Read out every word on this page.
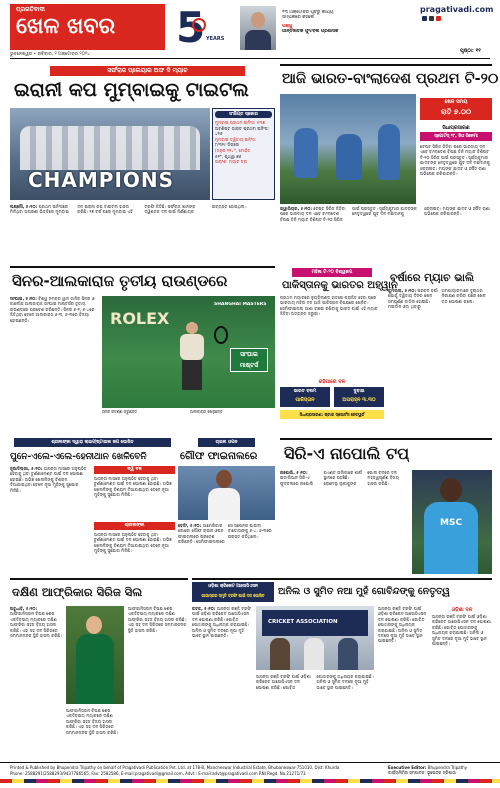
ପ୍ରଗତିବାଦୀ
ଖେଳ ଖବର
ଭୁବନେଶ୍ୱର • ରବିବାର, ୨ ଅକ୍ଟୋବର ୨୦୨୪
5 YEARS
୧୩ ଅକ୍ଟୋବର ପୂର୍ବରୁ କାର୍ଯ୍ୟ
ସମ୍ପର୍କରେ କହିଲେ
ପଞ୍ଜୁ
ଆନ୍ତର୍ଜାତିକ ଫୁଟବଲ ପ୍ରଶାସକ
pragativadi.com
ପୃଷ୍ଠା: ୧୧
ସର୍ଫରାଜ ପ୍ଲେୟାର ଅଫ ଦି ମ୍ୟାଚ
ଇରାନୀ କପ ମୁମ୍ବାଇକୁ ଟାଇଟଲ
CHAMPIONS
ସଂକ୍ଷିପ୍ତ ସ୍କୋର
ମୁମ୍ବାଇ ପ୍ରଥମ ଇନିଂସ: ୫୩୭
ଅବଶିଷ୍ଟ ଭାରତ ପ୍ରଥମ ଇନିଂସ: ୪୧୬
ମୁମ୍ବାଇ ଦ୍ୱିତୀୟ ଇନିଂସ:
୮/୩୨୯ ଡିକ୍ଲେ
(ତନୁଷ ୧୧୪*, ମୋହିତ
୫୧*, ପୃଥ୍ୱୀ ୭୬
ସାରାଂଶ: ମ୍ୟାଚ ଡ୍ର
ଲକ୍ଷ୍ନୌ, ୫।୧୦: ପ୍ରଥମ ଇନିଂସରେ ମିଳିଥିବା ଅଗ୍ରଣୀ ଭିତ୍ତିରେ ମୁମ୍ବାଇ ଦଳ ଇରାନୀ କପ ଟାଇଟଲ ହାସଲ କରିଛି। ୨୭ ବର୍ଷ ପରେ ମୁମ୍ବାଇ ଏହି ଟ୍ରଫି ଜିତିଛି। ସର୍ଫରାଜ ଖାନଙ୍କ ଦ୍ୱିଶତକ ଦଳ ପାଇଁ ନିର୍ଣ୍ଣାୟକ ସାବ୍ୟସ୍ତ ହୋଇଥିଲା।
ଆଜି ଭାରତ-ବାଂଲାଦେଶ ପ୍ରଥମ ଟି-୨୦
ଖେଳ ସମୟ
ରାତି ୭.୦୦
ସିଧାପ୍ରସାରଣ
ସ୍ପୋର୍ଟସ୍ ୧୮, ଜିଓ ସିନେମା
ଟେଷ୍ଟ ସିରିଜ ଜିତିବା ପରେ ଭାରତୀୟ ଦଳ ଏବେ ବାଂଲାଦେଶ ବିପକ୍ଷ ତିନି ମ୍ୟାଚ ବିଶିଷ୍ଟ ଟି-୨୦ ସିରିଜ ପାଇଁ ପ୍ରସ୍ତୁତ। ସୂର୍ଯ୍ୟକୁମାର ଯାଦବଙ୍କ ନେତୃତ୍ୱରେ ଯୁବ ଦଳ ମଇଦାନକୁ ଓହ୍ଲାଇବ। ମୟଙ୍କ ଯାଦବ ଓ ହର୍ଷିତ ରାଣା ଅଭିଷେକ କରିପାରନ୍ତି।
ଗ୍ୱାଲିୟର, ୫।୧୦: ଟେଷ୍ଟ ସିରିଜ ଜିତିବା ପରେ ଭାରତୀୟ ଦଳ ଏବେ ବାଂଲାଦେଶ ବିପକ୍ଷ ତିନି ମ୍ୟାଚ ବିଶିଷ୍ଟ ଟି-୨୦ ସିରିଜ ପାଇଁ ପ୍ରସ୍ତୁତ। ସୂର୍ଯ୍ୟକୁମାର ଯାଦବଙ୍କ ନେତୃତ୍ୱରେ ଯୁବ ଦଳ ମଇଦାନକୁ ଓହ୍ଲାଇବ। ମୟଙ୍କ ଯାଦବ ଓ ହର୍ଷିତ ରାଣା ଅଭିଷେକ କରିପାରନ୍ତି।
ସିନର-ଆଲକାରାଜ ତୃତୀୟ ରାଉଣ୍ଡରେ
ସାଂଘାଇ, ୫।୧୦: ବିଶ୍ୱ ନମ୍ବର ୱାନ ଜାନିକ ସିନର ଓ କାର୍ଲୋସ ଆଲକାରାଜ ସାଂଘାଇ ମାଷ୍ଟର୍ସର ତୃତୀୟ ରାଉଣ୍ଡରେ ପ୍ରବେଶ କରିଛନ୍ତି। ସିନର ୬-୧, ୬-୪ରେ ଜିତିଥିବା ବେଳେ ଆଲକାରାଜ ୬-୩, ୬-୩ରେ ବିଜୟୀ ହୋଇଛନ୍ତି।	ROLEX
SHANGHAI MASTERS
ସାଂଘାଇ
ମାଷ୍ଟର୍ସ
ସିନର ରିଟର୍ଣ୍ଣ କରୁଛନ୍ତି	ଆଲକାରାଜ ଖେଳୁଛନ୍ତି
ମହିଳା ଟି-୨୦ ବିଶ୍ୱକପ
ପାକିସ୍ତାନକୁ ଭାରତର ଅହ୍ୱାନ
ପ୍ରଥମ ମ୍ୟାଚରେ ନ୍ୟୁଜିଲାଣ୍ଡ ହାତରେ ପରାଜିତ ହେବା ପରେ ଭାରତୀୟ ମହିଳା ଦଳ ଆଜି ପାକିସ୍ତାନ ବିପକ୍ଷରେ ଖେଳିବ। ସେମିଫାଇନାଲ ଆଶା ବଞ୍ଚାଇ ରଖିବାକୁ ଭାରତ ପାଇଁ ଏହି ମ୍ୟାଚ ଜିତିବା ଅତ୍ୟନ୍ତ ଜରୁରୀ।
ରହିପାରେ ଦଳ
ଭାରତ ବନାମ
ପାକିସ୍ତାନ
ଦୁବାଇ
ଅପରାହ୍ନ ୩.୩୦
ସିଧାପ୍ରସାରଣ: ଷ୍ଟାର ସ୍ପୋର୍ଟସ ନେଟୱର୍କ
ବର୍ଷାରେ ମ୍ୟାଚ ଭାଲି
କୁମିଲ୍ଲା, ୫।୧୦: ପ୍ରବଳ ବର୍ଷା ଯୋଗୁଁ ଦ୍ୱିତୀୟ ଦିନର ଖେଳ ସମ୍ପୂର୍ଣ୍ଣ ବାତିଲ ହୋଇଛି। ମଇଦାନ ଓଦା ଥିବାରୁ ଅମ୍ପାୟାରମାନେ ଦୁଇଥର ନିରୀକ୍ଷଣ କରିବା ପରେ ଖେଳ ବନ୍ଦ ଘୋଷଣା କଲେ।
ଶ୍ରୀଲଙ୍କା ଦ୍ୱାରା ଲାଇଫ୍ଷ୍ଟାଇଲ କପ ଘୋଷିତ
ପୁନେ-ଏଲେ-ଏଲେ-ହେନୀଥାନ ଖେଳିବେନି
ନୂଆଦିଲ୍ଲୀ, ୫।୧୦: ଆସନ୍ତା ମାସରେ ଅନୁଷ୍ଠିତ ହେବାକୁ ଥିବା ଟୁର୍ଣ୍ଣାମେଣ୍ଟ ପାଇଁ ଦଳ ଘୋଷଣା ହୋଇଛି। ଅଭିଜ୍ଞ ଖେଳାଳିଙ୍କୁ ବିଶ୍ରାମ ଦିଆଯାଇଥିବା ବେଳେ ନୂଆ ମୁହଁଙ୍କୁ ସୁଯୋଗ ମିଳିଛି।
ଦ୍ୱି ଦଳ
ଆସନ୍ତା ମାସରେ ଅନୁଷ୍ଠିତ ହେବାକୁ ଥିବା ଟୁର୍ଣ୍ଣାମେଣ୍ଟ ପାଇଁ ଦଳ ଘୋଷଣା ହୋଇଛି। ଅଭିଜ୍ଞ ଖେଳାଳିଙ୍କୁ ବିଶ୍ରାମ ଦିଆଯାଇଥିବା ବେଳେ ନୂଆ ମୁହଁଙ୍କୁ ସୁଯୋଗ ମିଳିଛି।
ଶ୍ରୀଲଙ୍କା
ଆସନ୍ତା ମାସରେ ଅନୁଷ୍ଠିତ ହେବାକୁ ଥିବା ଟୁର୍ଣ୍ଣାମେଣ୍ଟ ପାଇଁ ଦଳ ଘୋଷଣା ହୋଇଛି। ଅଭିଜ୍ଞ ଖେଳାଳିଙ୍କୁ ବିଶ୍ରାମ ଦିଆଯାଇଥିବା ବେଳେ ନୂଆ ମୁହଁଙ୍କୁ ସୁଯୋଗ ମିଳିଛି।
ଚାଇନା ଓପନ
ଗୌଫ ଫାଇନାଲରେ
ବେଜିଂ, ୫।୧୦: ଆମେରିକାର କୋକୋ ଗୌଫ ଚାଇନା ଓପନ ଫାଇନାଲରେ ପ୍ରବେଶ କରିଛନ୍ତି। ସେମିଫାଇନାଲରେ ସେ ସ୍ପେନର ପାଉଲା ବାଡୋସାଙ୍କୁ ୬-୪, ୬-୩ରେ ପରାସ୍ତ କରିଥିଲେ।
ସିରି-ଏ ନାପୋଲି ଟପ୍
ନାପୋଲି, ୫।୧୦: ଇଟାଲିଆନ ସିରି-ଏ ଫୁଟବଲରେ ନାପୋଲି ପଏଣ୍ଟ ତାଲିକାରେ ଶୀର୍ଷ ସ୍ଥାନରେ ପହଞ୍ଚିଛି। ରୋମେଲୁ ଲୁକାକୁଙ୍କ ଗୋଲ ବଳରେ ଦଳ ମହତ୍ୱପୂର୍ଣ୍ଣ ବିଜୟ ହାସଲ କରିଛି।
MSC
ଦକ୍ଷିଣ ଆଫ୍ରିକାର ସିରିଜ ସିଲ
ଅବୁଧାବି, ୫।୧୦: ଆଫଗାନିସ୍ତାନ ବିପକ୍ଷ ଶେଷ ଏକଦିବସୀୟ ମ୍ୟାଚରେ ଦକ୍ଷିଣ ଆଫ୍ରିକା ସହଜ ବିଜୟ ହାସଲ କରିଛି। ଏହା ସହ ଦଳ ସିରିଜରେ ସମ୍ମାନଜନକ ସ୍ଥିତି ହାସଲ କରିଛି।
ଆଫଗାନିସ୍ତାନ ବିପକ୍ଷ ଶେଷ ଏକଦିବସୀୟ ମ୍ୟାଚରେ ଦକ୍ଷିଣ ଆଫ୍ରିକା ସହଜ ବିଜୟ ହାସଲ କରିଛି। ଏହା ସହ ଦଳ ସିରିଜରେ ସମ୍ମାନଜନକ ସ୍ଥିତି ହାସଲ କରିଛି।
ଆଫଗାନିସ୍ତାନ ବିପକ୍ଷ ଶେଷ ଏକଦିବସୀୟ ମ୍ୟାଚରେ ଦକ୍ଷିଣ ଆଫ୍ରିକା ସହଜ ବିଜୟ ହାସଲ କରିଛି। ଏହା ସହ ଦଳ ସିରିଜରେ ସମ୍ମାନଜନକ ସ୍ଥିତି ହାସଲ କରିଛି।
ଓଡ଼ିଶା କ୍ରିକେଟ ଆସୋସିଏସନ
ଗାଭାସ୍କର ସ୍ମୃତି ଟ୍ରଫି ପାଇଁ ଦଳ ଘୋଷିତ	ଅନିଲ ଓ ସୁମିତ ନଆ ମୁହଁ ଗୋବିନ୍ଦଙ୍କୁ ନେତୃତ୍ୱ
କଟକ, ୫।୧୦: ଆସନ୍ତା ରଞ୍ଜି ଟ୍ରଫି ପାଇଁ ଓଡ଼ିଶା କ୍ରିକେଟ ଆସୋସିଏସନ ଦଳ ଘୋଷଣା କରିଛି। ଗୋବିନ୍ଦ ପୋଦ୍ଦାରଙ୍କୁ ଅଧିନାୟକ କରାଯାଇଛି। ଅନିଲ ଓ ସୁମିତ ଦଳରେ ନୂଆ ମୁହଁ ଭାବେ ସ୍ଥାନ ପାଇଛନ୍ତି।
CRICKET ASSOCIATION
ଆସନ୍ତା ରଞ୍ଜି ଟ୍ରଫି ପାଇଁ ଓଡ଼ିଶା କ୍ରିକେଟ ଆସୋସିଏସନ ଦଳ ଘୋଷଣା କରିଛି। ଗୋବିନ୍ଦ ପୋଦ୍ଦାରଙ୍କୁ ଅଧିନାୟକ କରାଯାଇଛି। ଅନିଲ ଓ ସୁମିତ ଦଳରେ ନୂଆ ମୁହଁ ଭାବେ ସ୍ଥାନ ପାଇଛନ୍ତି।
ଆସନ୍ତା ରଞ୍ଜି ଟ୍ରଫି ପାଇଁ ଓଡ଼ିଶା କ୍ରିକେଟ ଆସୋସିଏସନ ଦଳ ଘୋଷଣା କରିଛି। ଗୋବିନ୍ଦ ପୋଦ୍ଦାରଙ୍କୁ ଅଧିନାୟକ କରାଯାଇଛି। ଅନିଲ ଓ ସୁମିତ ଦଳରେ ନୂଆ ମୁହଁ ଭାବେ ସ୍ଥାନ ପାଇଛନ୍ତି।
ଓଡ଼ିଶା ଦଳ
ଆସନ୍ତା ରଞ୍ଜି ଟ୍ରଫି ପାଇଁ ଓଡ଼ିଶା କ୍ରିକେଟ ଆସୋସିଏସନ ଦଳ ଘୋଷଣା କରିଛି। ଗୋବିନ୍ଦ ପୋଦ୍ଦାରଙ୍କୁ ଅଧିନାୟକ କରାଯାଇଛି। ଅନିଲ ଓ ସୁମିତ ଦଳରେ ନୂଆ ମୁହଁ ଭାବେ ସ୍ଥାନ ପାଇଛନ୍ତି।
Printed & Published by Bhupendra Tripathy on behalf of Pragativadi Publication Pvt. Ltd. at 178-B, Mancheswar Industrial Estate, Bhubaneswar-751010, Dist: Khurda
Phone: 2588291/2588293/9437786565, Fax: 2582586, E-mail:pragativadi@gmail.com, Advt.: E-mail:advt@pragativadi.com RNI Regd. No.21271/73
Executive Editor: Bhupendra Tripathy
କାର୍ଯ୍ୟନିର୍ବାହୀ ସମ୍ପାଦକ: ଭୂପେନ୍ଦ୍ର ତ୍ରିପାଠୀ
